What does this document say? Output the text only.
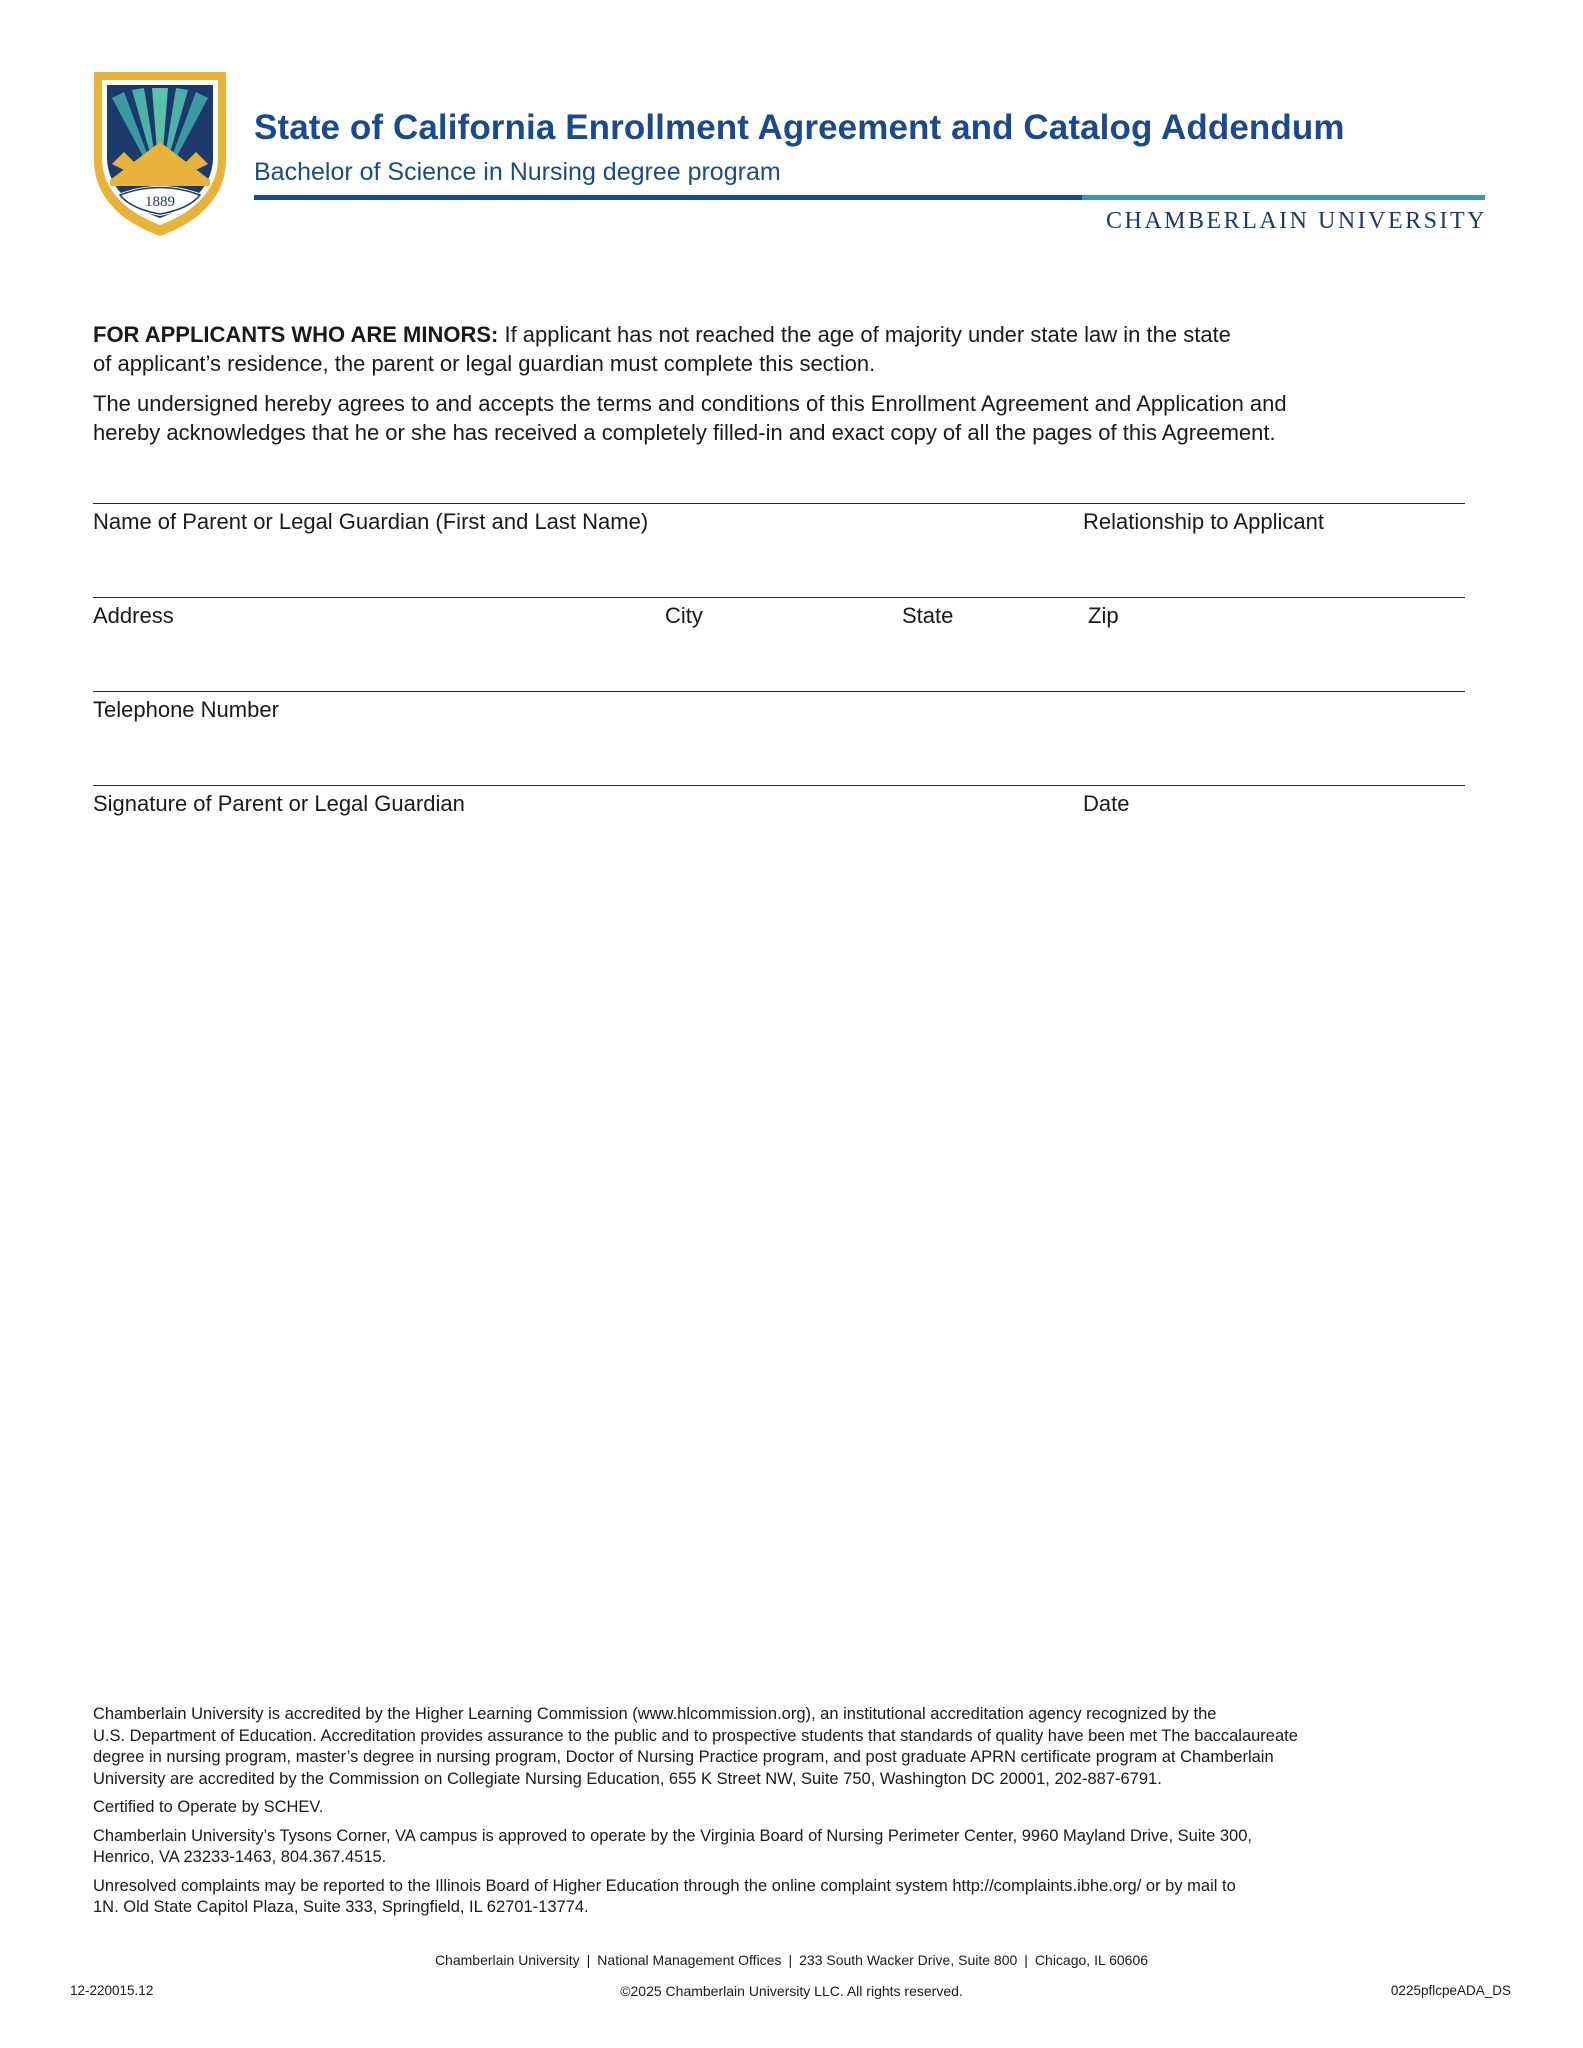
1889
State of California Enrollment Agreement and Catalog Addendum
Bachelor of Science in Nursing degree program
CHAMBERLAIN UNIVERSITY

FOR APPLICANTS WHO ARE MINORS: If applicant has not reached the age of majority under state law in the state
of applicant’s residence, the parent or legal guardian must complete this section.

The undersigned hereby agrees to and accepts the terms and conditions of this Enrollment Agreement and Application and
hereby acknowledges that he or she has received a completely filled-in and exact copy of all the pages of this Agreement.

Name of Parent or Legal Guardian (First and Last Name)	Relationship to Applicant
Address	City	State	Zip
Telephone Number
Signature of Parent or Legal Guardian	Date

Chamberlain University is accredited by the Higher Learning Commission (www.hlcommission.org), an institutional accreditation agency recognized by the
U.S. Department of Education. Accreditation provides assurance to the public and to prospective students that standards of quality have been met The baccalaureate
degree in nursing program, master’s degree in nursing program, Doctor of Nursing Practice program, and post graduate APRN certificate program at Chamberlain
University are accredited by the Commission on Collegiate Nursing Education, 655 K Street NW, Suite 750, Washington DC 20001, 202-887-6791.

Certified to Operate by SCHEV.

Chamberlain University’s Tysons Corner, VA campus is approved to operate by the Virginia Board of Nursing Perimeter Center, 9960 Mayland Drive, Suite 300,
Henrico, VA 23233-1463, 804.367.4515.

Unresolved complaints may be reported to the Illinois Board of Higher Education through the online complaint system http://complaints.ibhe.org/ or by mail to
1N. Old State Capitol Plaza, Suite 333, Springfield, IL 62701-13774.

Chamberlain University | National Management Offices | 233 South Wacker Drive, Suite 800 | Chicago, IL 60606
12-220015.12	©2025 Chamberlain University LLC. All rights reserved.	0225pflcpeADA_DS
